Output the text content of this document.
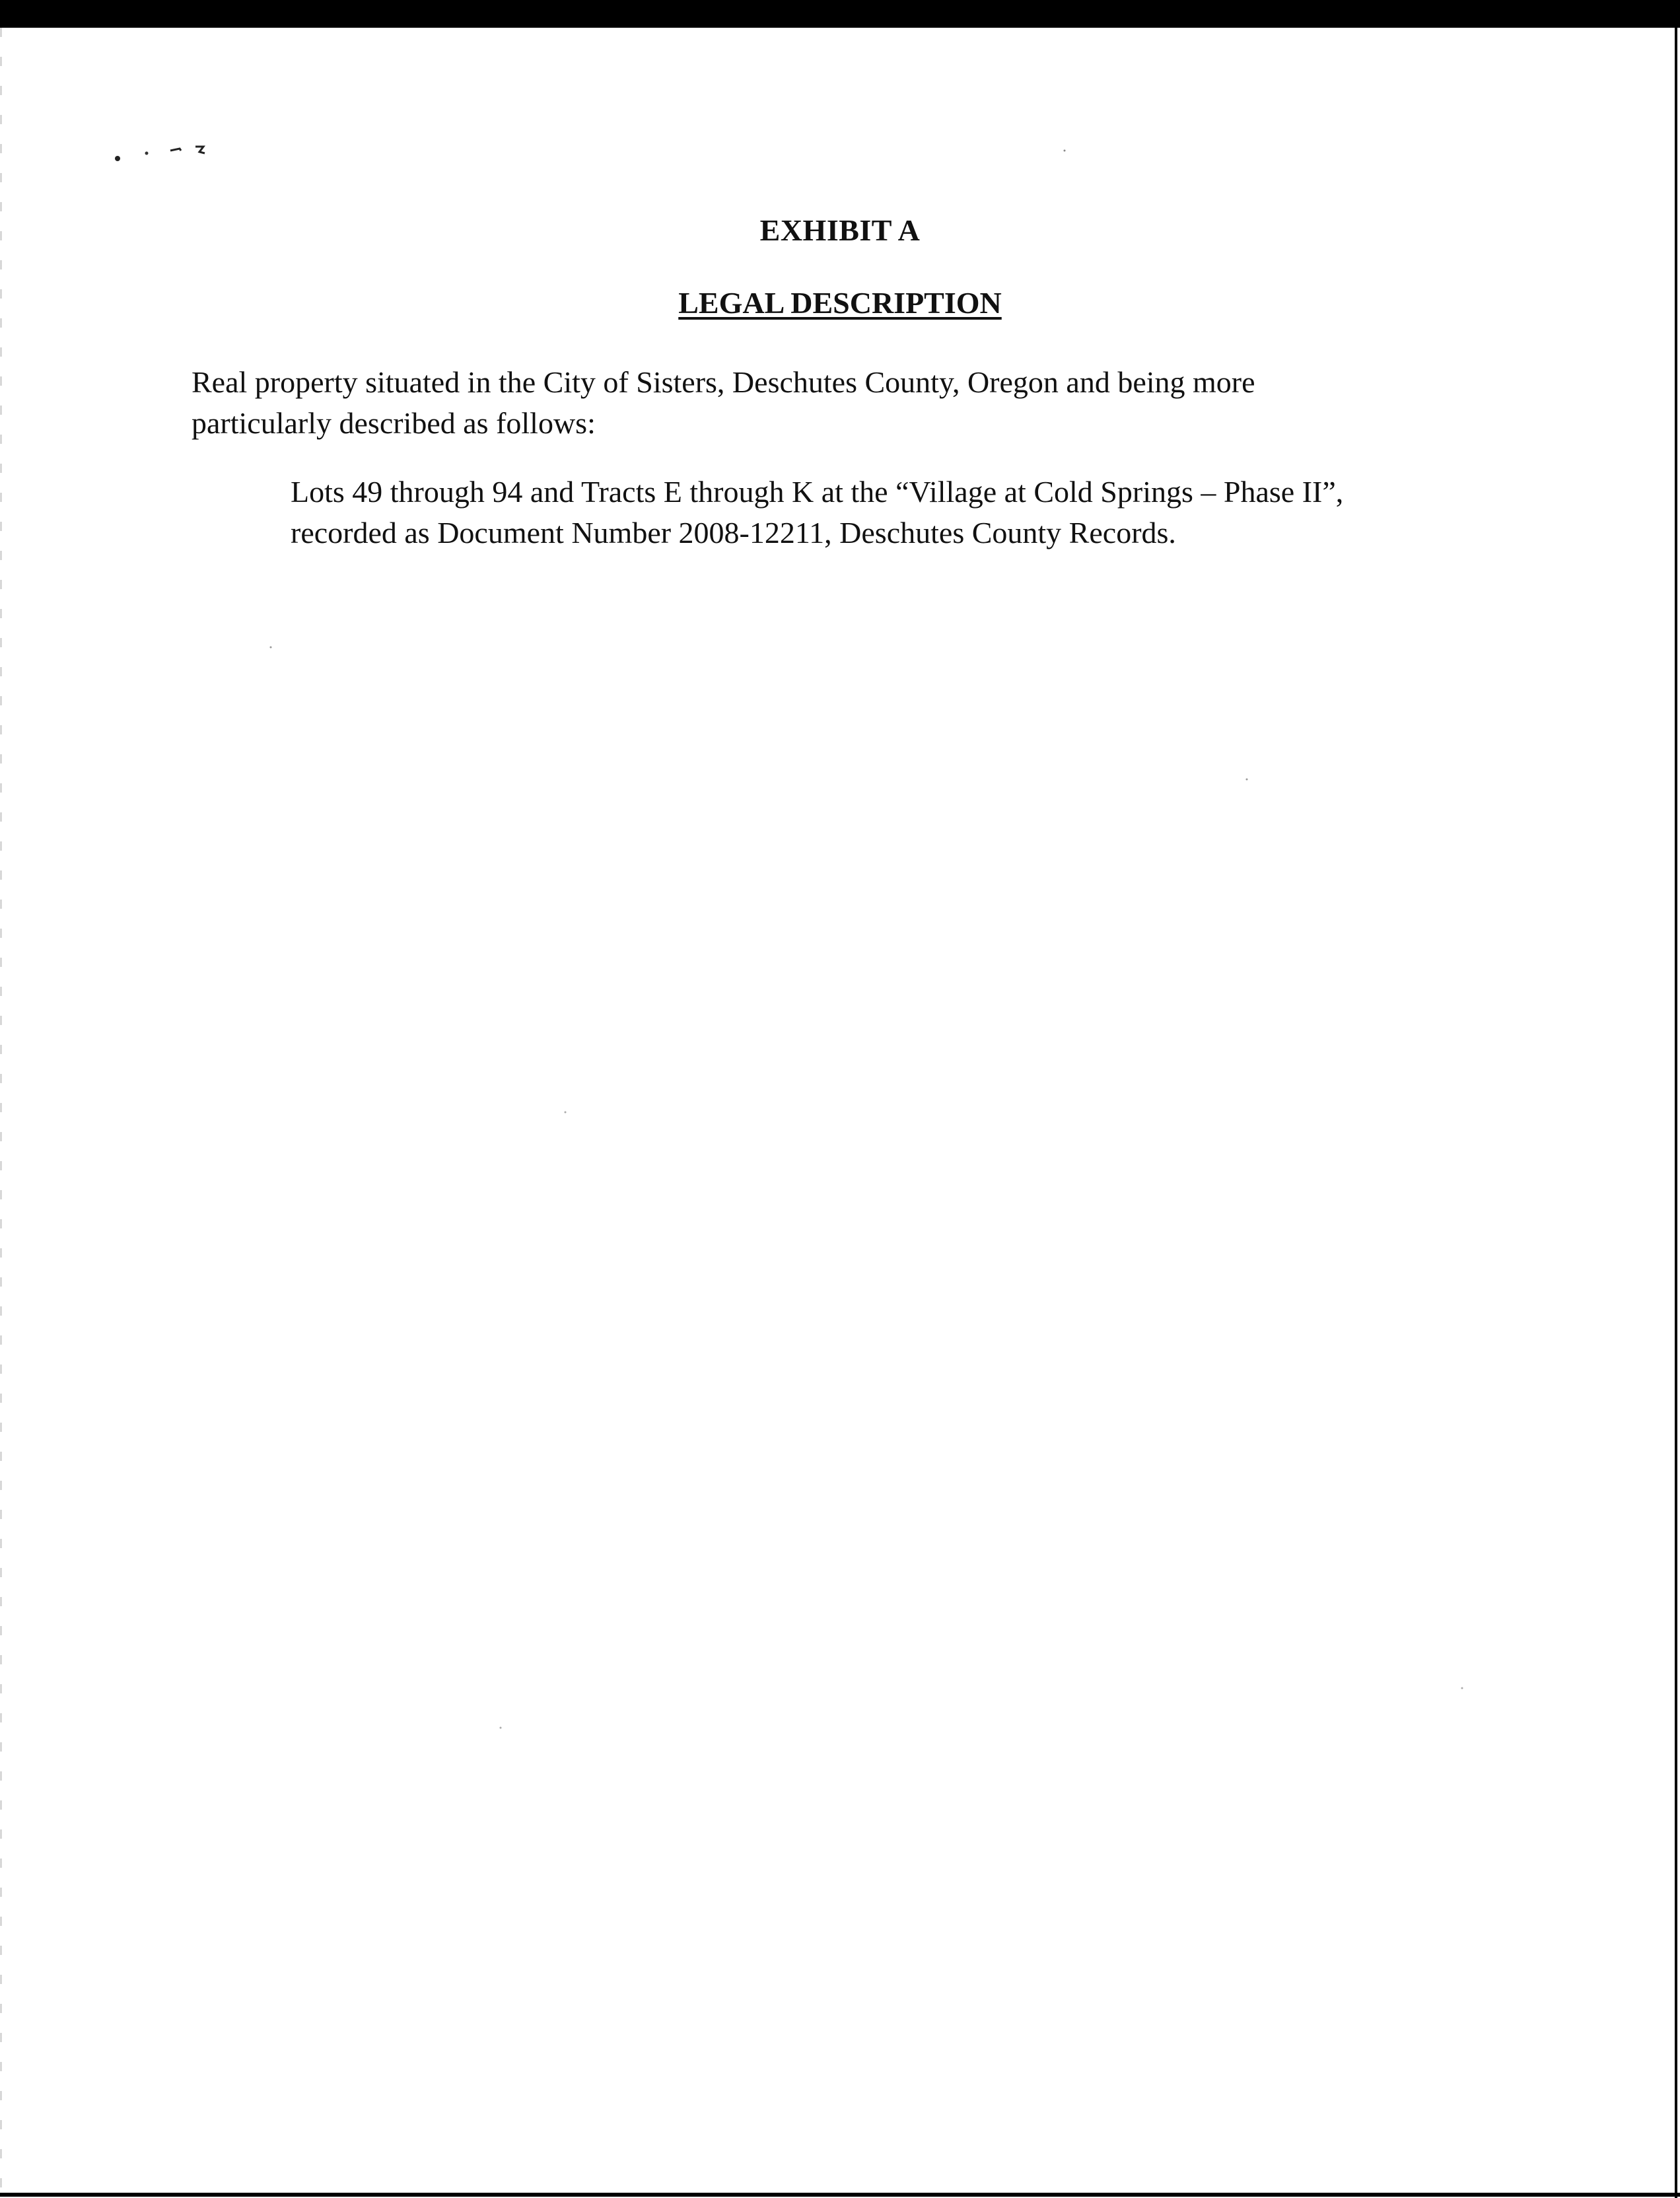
EXHIBIT A
LEGAL DESCRIPTION

Real property situated in the City of Sisters, Deschutes County, Oregon and being more
particularly described as follows:

Lots 49 through 94 and Tracts E through K at the “Village at Cold Springs – Phase II”,
recorded as Document Number 2008-12211, Deschutes County Records.
